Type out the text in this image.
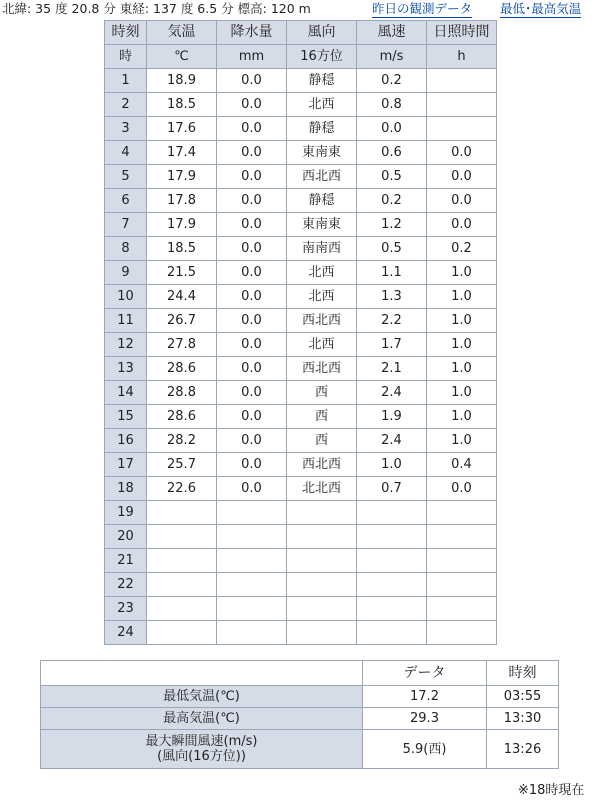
北緯: 35 度 20.8 分 東経: 137 度 6.5 分 標高: 120 m	昨日の観測データ 最低･最高気温
時刻	気温	降水量	風向	風速	日照時間
時	℃	mm	16方位	m/s	h
1	18.9	0.0	静穏	0.2	
2	18.5	0.0	北西	0.8	
3	17.6	0.0	静穏	0.0	
4	17.4	0.0	東南東	0.6	0.0
5	17.9	0.0	西北西	0.5	0.0
6	17.8	0.0	静穏	0.2	0.0
7	17.9	0.0	東南東	1.2	0.0
8	18.5	0.0	南南西	0.5	0.2
9	21.5	0.0	北西	1.1	1.0
10	24.4	0.0	北西	1.3	1.0
11	26.7	0.0	西北西	2.2	1.0
12	27.8	0.0	北西	1.7	1.0
13	28.6	0.0	西北西	2.1	1.0
14	28.8	0.0	西	2.4	1.0
15	28.6	0.0	西	1.9	1.0
16	28.2	0.0	西	2.4	1.0
17	25.7	0.0	西北西	1.0	0.4
18	22.6	0.0	北北西	0.7	0.0
19					
20					
21					
22					
23					
24					
	データ	時刻
最低気温(℃)	17.2	03:55
最高気温(℃)	29.3	13:30

最大瞬間風速(m/s)
(風向(16方位))	5.9(西)	13:26
※18時現在
